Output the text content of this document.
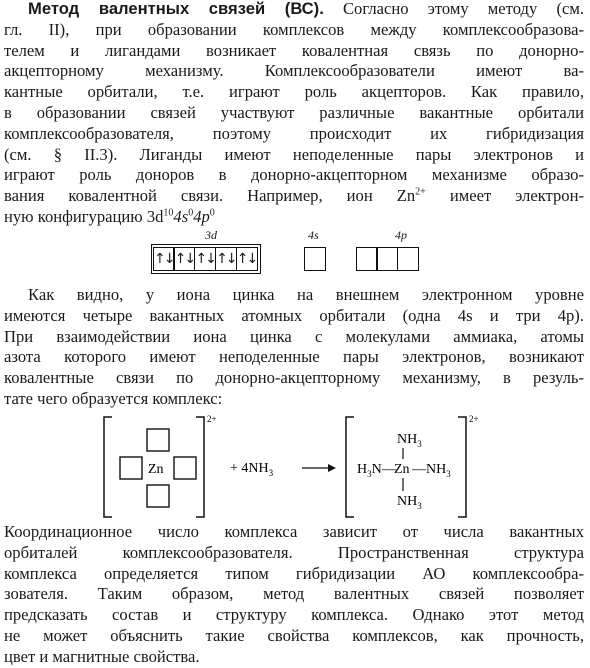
Метод валентных связей (ВС). Согласно этому методу (см.
гл. II), при образовании комплексов между комплексообразова-
телем и лигандами возникает ковалентная связь по донорно-
акцепторному механизму. Комплексообразователи имеют ва-
кантные орбитали, т.е. играют роль акцепторов. Как правило,
в образовании связей участвуют различные вакантные орбитали
комплексообразователя, поэтому происходит их гибридизация
(см. § II.3). Лиганды имеют неподеленные пары электронов и
играют роль доноров в донорно-акцепторном механизме образо-
вания ковалентной связи. Например, ион $Zn^{2+}$ имеет электрон-
ную конфигурацию $3d^{10}4s^04p^0$
3d	4s	4p
↑↓ ↑↓ ↑↓ ↑↓ ↑↓
Как видно, у иона цинка на внешнем электронном уровне
имеются четыре вакантных атомных орбитали (одна 4s и три 4p).
При взаимодействии иона цинка с молекулами аммиака, атомы
азота которого имеют неподеленные пары электронов, возникают
ковалентные связи по донорно-акцепторному механизму, в резуль-
тате чего образуется комплекс:
Zn
2+
+ $4NH_3$
$NH_3$
$H_3N—$
Zn $—NH_3$
$NH_3$
2+
Координационное число комплекса зависит от числа вакантных
орбиталей комплексообразователя. Пространственная структура
комплекса определяется типом гибридизации АО комплексообра-
зователя. Таким образом, метод валентных связей позволяет
предсказать состав и структуру комплекса. Однако этот метод
не может объяснить такие свойства комплексов, как прочность,
цвет и магнитные свойства.
